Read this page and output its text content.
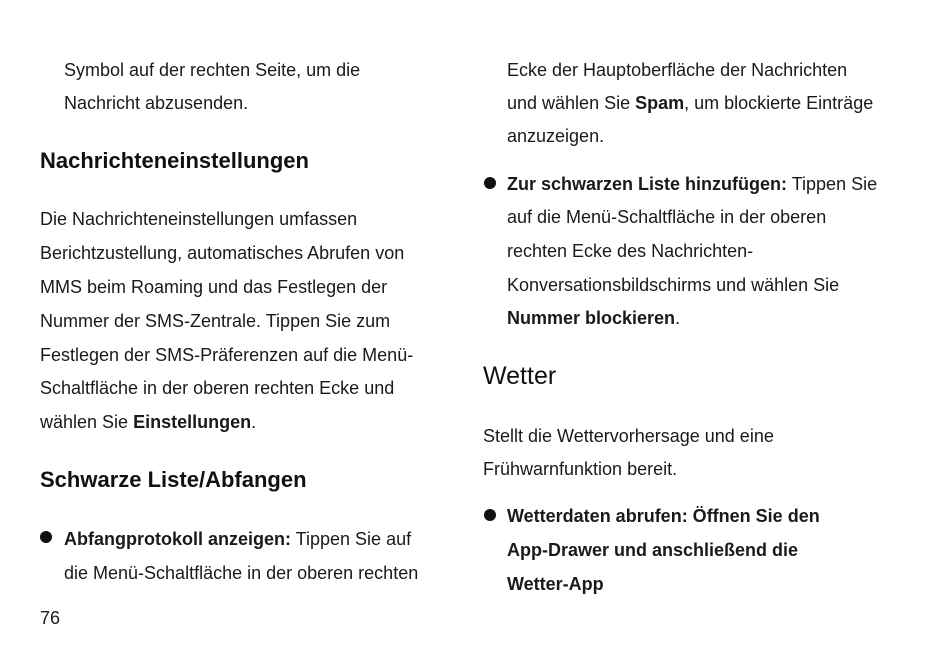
Symbol auf der rechten Seite, um die
Nachricht abzusenden.
Nachrichteneinstellungen
Die Nachrichteneinstellungen umfassen
Berichtzustellung, automatisches Abrufen von
MMS beim Roaming und das Festlegen der
Nummer der SMS-Zentrale. Tippen Sie zum
Festlegen der SMS-Präferenzen auf die Menü-
Schaltfläche in der oberen rechten Ecke und
wählen Sie Einstellungen.
Schwarze Liste/Abfangen
Abfangprotokoll anzeigen: Tippen Sie auf
die Menü-Schaltfläche in der oberen rechten
76
Ecke der Hauptoberfläche der Nachrichten
und wählen Sie Spam, um blockierte Einträge
anzuzeigen.
Zur schwarzen Liste hinzufügen: Tippen Sie
auf die Menü-Schaltfläche in der oberen
rechten Ecke des Nachrichten-
Konversationsbildschirms und wählen Sie
Nummer blockieren.
Wetter
Stellt die Wettervorhersage und eine
Frühwarnfunktion bereit.
Wetterdaten abrufen: Öffnen Sie den
App-Drawer und anschließend die
Wetter-App
